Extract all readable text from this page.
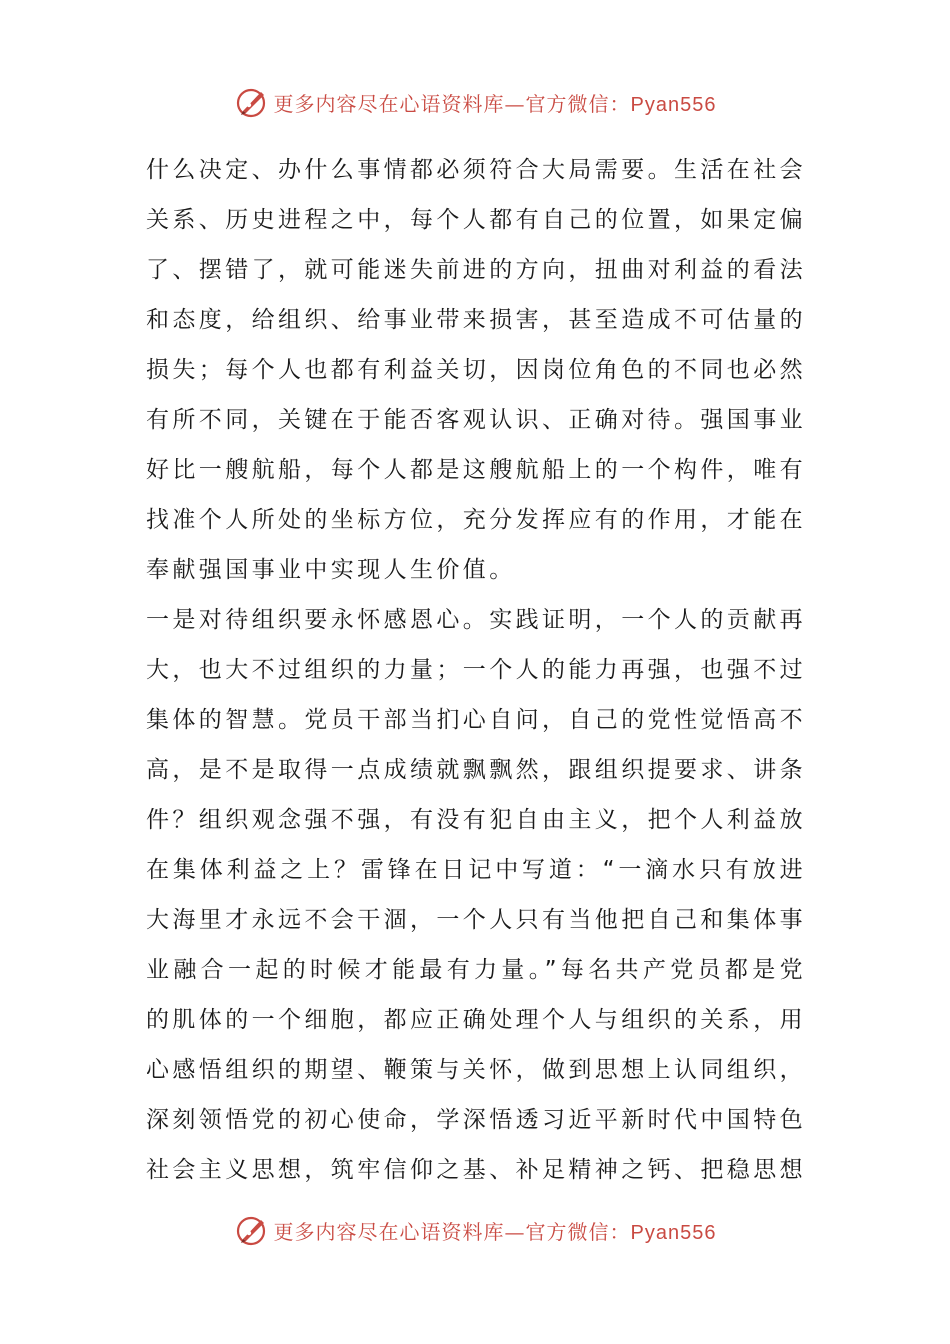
更多内容尽在心语资料库—官方微信：Pyan556

什么决定、办什么事情都必须符合大局需要。生活在社会关系、历史进程之中，每个人都有自己的位置，如果定偏了、摆错了，就可能迷失前进的方向，扭曲对利益的看法和态度，给组织、给事业带来损害，甚至造成不可估量的损失；每个人也都有利益关切，因岗位角色的不同也必然有所不同，关键在于能否客观认识、正确对待。强国事业好比一艘航船，每个人都是这艘航船上的一个构件，唯有找准个人所处的坐标方位，充分发挥应有的作用，才能在奉献强国事业中实现人生价值。

一是对待组织要永怀感恩心。实践证明，一个人的贡献再大，也大不过组织的力量；一个人的能力再强，也强不过集体的智慧。党员干部当扪心自问，自己的党性觉悟高不高，是不是取得一点成绩就飘飘然，跟组织提要求、讲条件？组织观念强不强，有没有犯自由主义，把个人利益放在集体利益之上？雷锋在日记中写道：“一滴水只有放进大海里才永远不会干涸，一个人只有当他把自己和集体事业融合一起的时候才能最有力量。”每名共产党员都是党的肌体的一个细胞，都应正确处理个人与组织的关系，用心感悟组织的期望、鞭策与关怀，做到思想上认同组织，深刻领悟党的初心使命，学深悟透习近平新时代中国特色社会主义思想，筑牢信仰之基、补足精神之钙、把稳思想

更多内容尽在心语资料库—官方微信：Pyan556
